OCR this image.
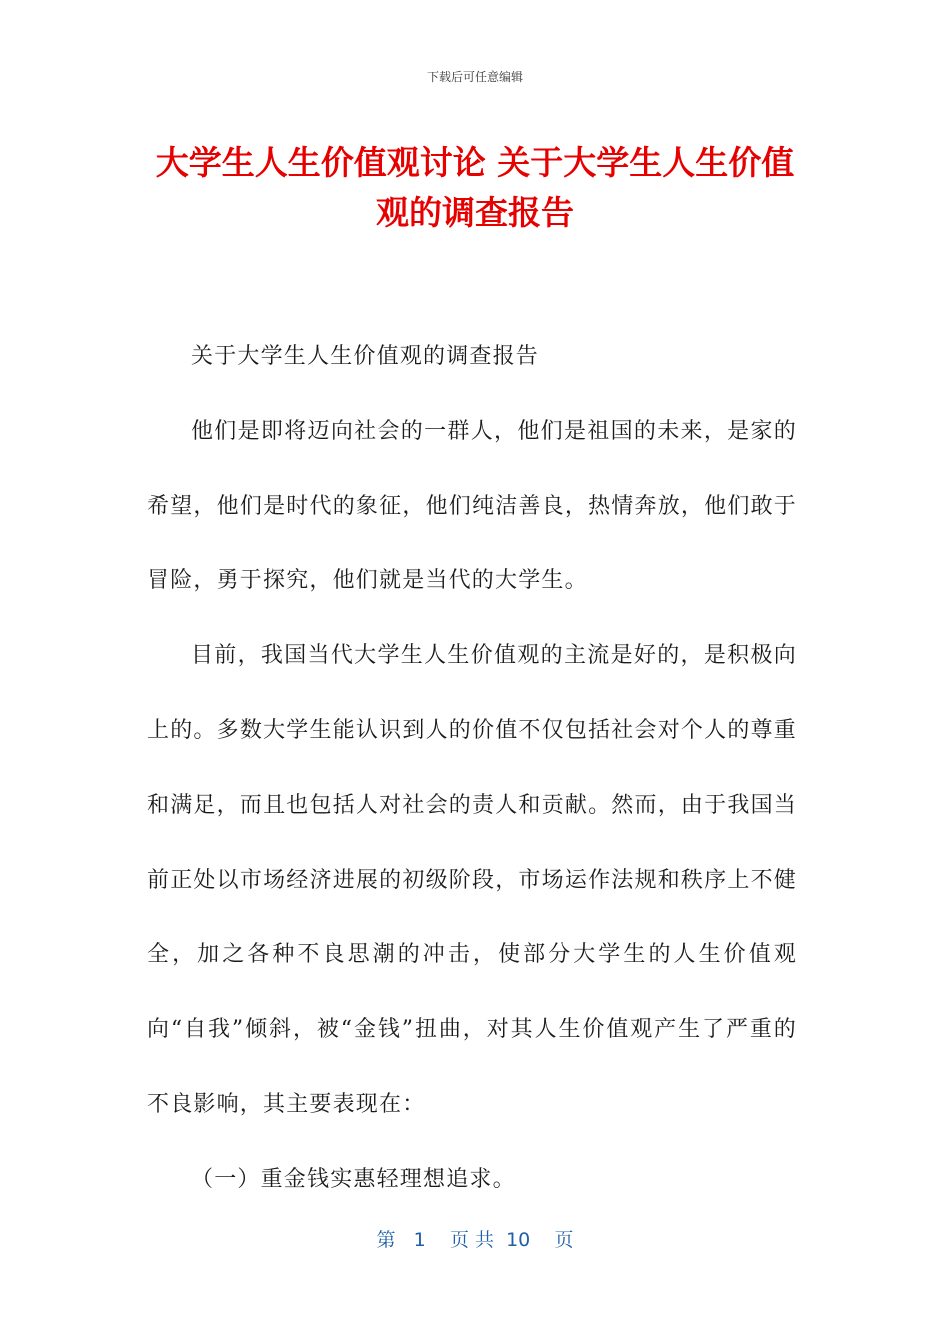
下载后可任意编辑
大学生人生价值观讨论 关于大学生人生价值观的调查报告

关于大学生人生价值观的调查报告

他们是即将迈向社会的一群人，他们是祖国的未来，是家的希望，他们是时代的象征，他们纯洁善良，热情奔放，他们敢于冒险，勇于探究，他们就是当代的大学生。

目前，我国当代大学生人生价值观的主流是好的，是积极向上的。多数大学生能认识到人的价值不仅包括社会对个人的尊重和满足，而且也包括人对社会的责人和贡献。然而，由于我国当前正处以市场经济进展的初级阶段，市场运作法规和秩序上不健全，加之各种不良思潮的冲击，使部分大学生的人生价值观向“自我”倾斜，被“金钱”扭曲，对其人生价值观产生了严重的不良影响，其主要表现在：

（一）重金钱实惠轻理想追求。

第 1 页 共 10 页
